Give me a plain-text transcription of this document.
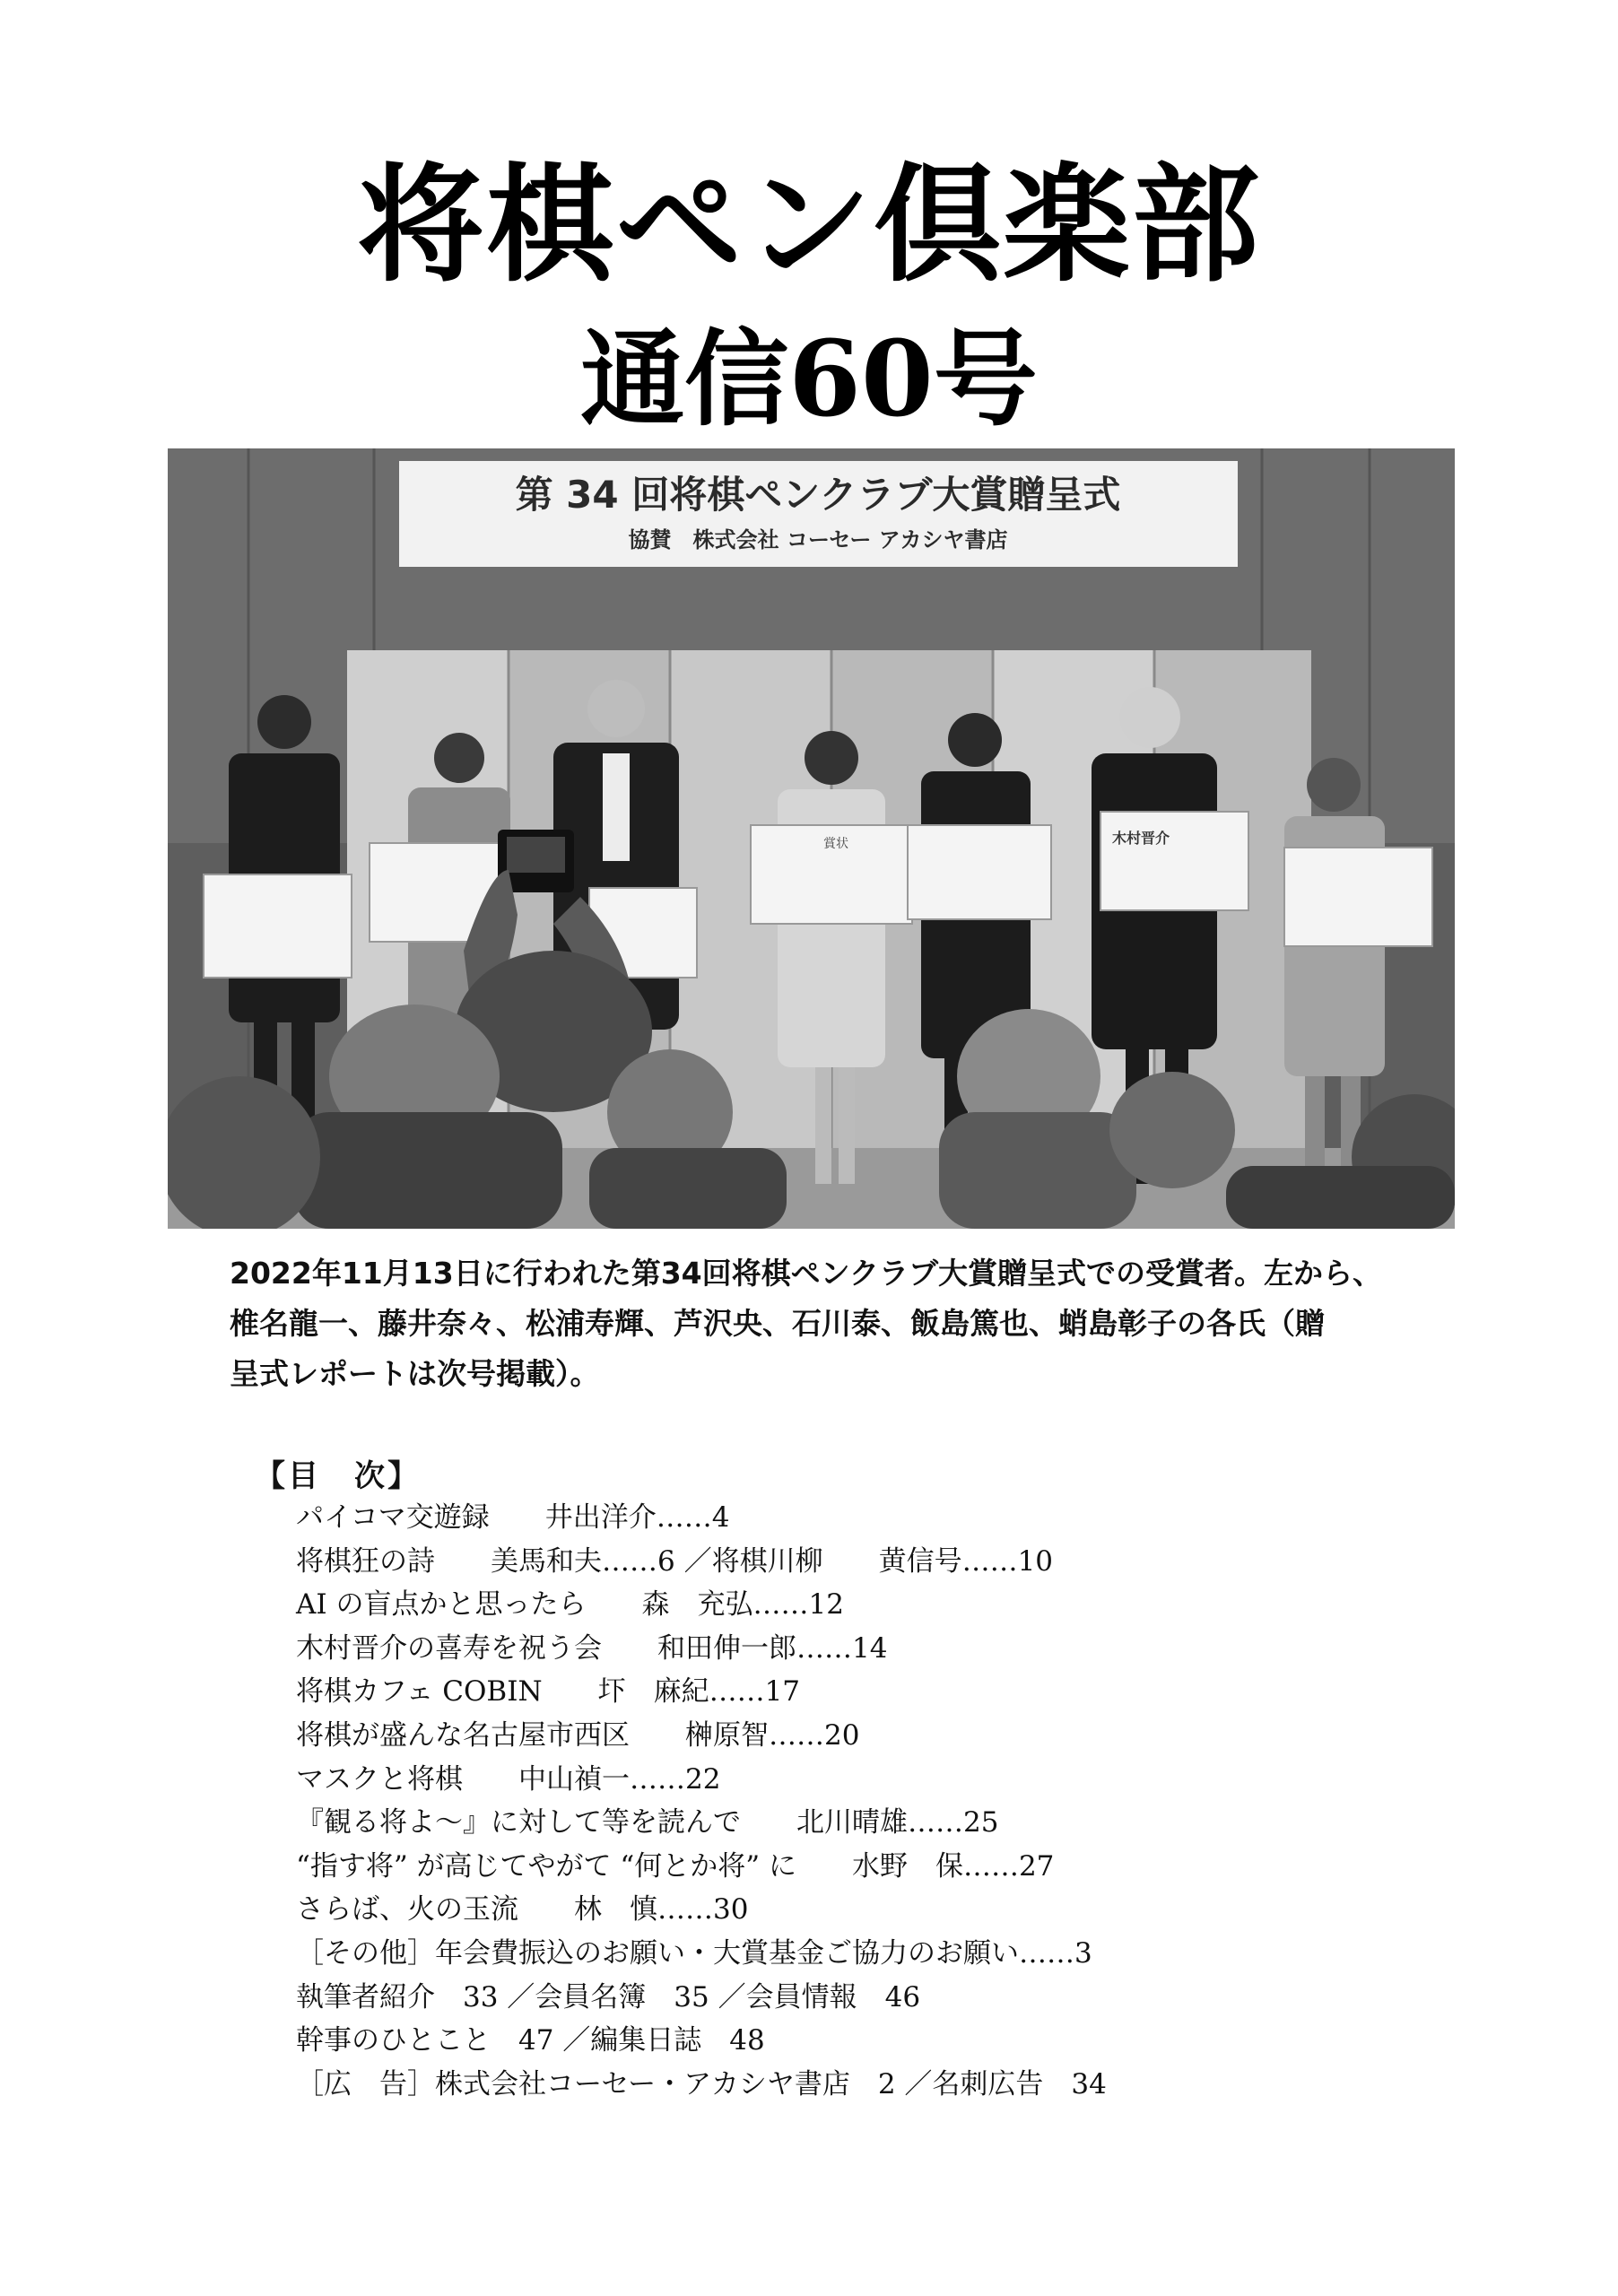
将棋ペン倶楽部
通信60号
第 34 回将棋ペンクラブ大賞贈呈式
協賛　株式会社 コーセー アカシヤ書店
賞状	木村晋介
2022年11月13日に行われた第34回将棋ペンクラブ大賞贈呈式での受賞者。左から、
椎名龍一、藤井奈々、松浦寿輝、芦沢央、石川泰、飯島篤也、蛸島彰子の各氏（贈
呈式レポートは次号掲載）。
【目　次】
パイコマ交遊録　　井出洋介……4
将棋狂の詩　　美馬和夫……6 ／将棋川柳　　黄信号……10
AI の盲点かと思ったら　　森　充弘……12
木村晋介の喜寿を祝う会　　和田伸一郎……14
将棋カフェ COBIN　　圷　麻紀……17
将棋が盛んな名古屋市西区　　榊原智……20
マスクと将棋　　中山禎一……22
『観る将よ～』に対して等を読んで　　北川晴雄……25
“指す将” が高じてやがて “何とか将” に　　水野　保……27
さらば、火の玉流　　林　慎……30
［その他］年会費振込のお願い・大賞基金ご協力のお願い……3
執筆者紹介　33 ／会員名簿　35 ／会員情報　46
幹事のひとこと　47 ／編集日誌　48
［広　告］株式会社コーセー・アカシヤ書店　2 ／名刺広告　34
